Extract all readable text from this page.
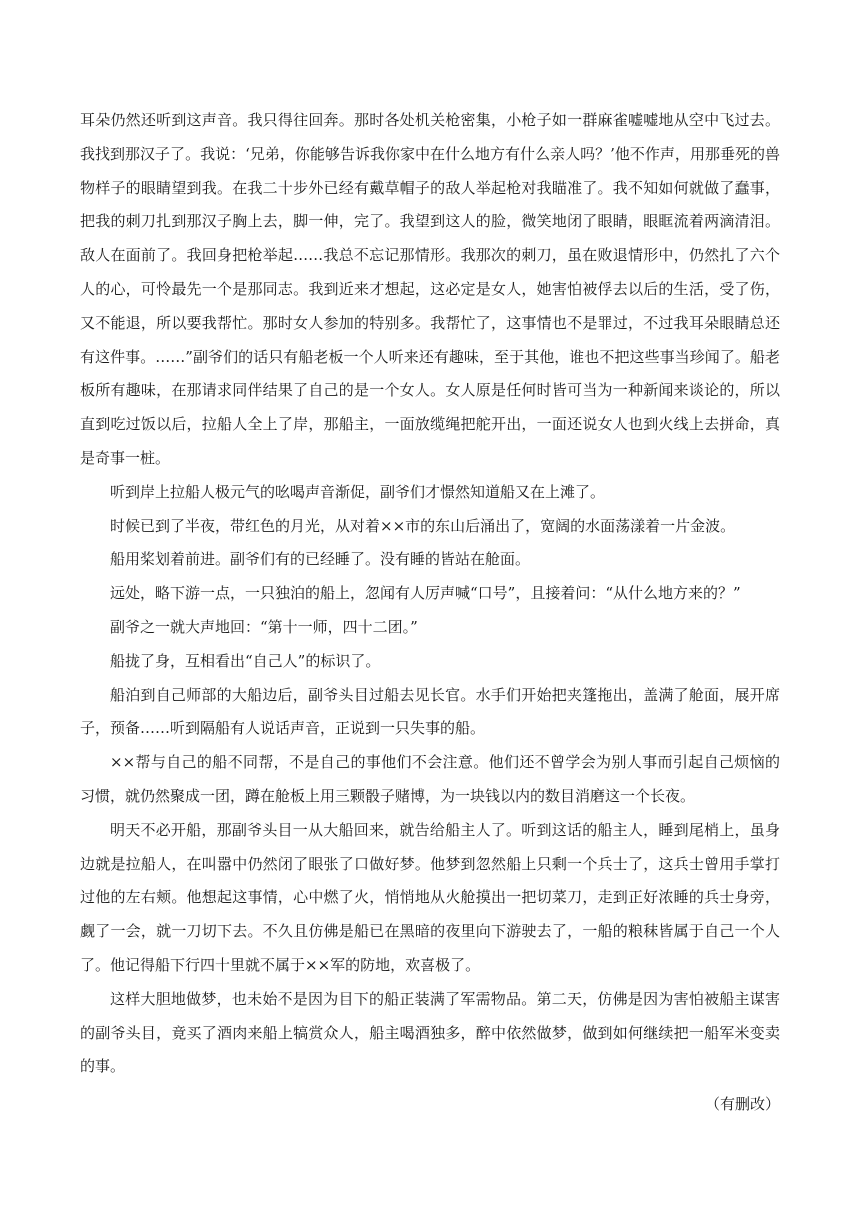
耳朵仍然还听到这声音。我只得往回奔。那时各处机关枪密集，小枪子如一群麻雀嘘嘘地从空中飞过去。我找到那汉子了。我说：‘兄弟，你能够告诉我你家中在什么地方有什么亲人吗？’他不作声，用那垂死的兽物样子的眼睛望到我。在我二十步外已经有戴草帽子的敌人举起枪对我瞄准了。我不知如何就做了蠢事，把我的刺刀扎到那汉子胸上去，脚一伸，完了。我望到这人的脸，微笑地闭了眼睛，眼眶流着两滴清泪。敌人在面前了。我回身把枪举起……我总不忘记那情形。我那次的刺刀，虽在败退情形中，仍然扎了六个人的心，可怜最先一个是那同志。我到近来才想起，这必定是女人，她害怕被俘去以后的生活，受了伤，又不能退，所以要我帮忙。那时女人参加的特别多。我帮忙了，这事情也不是罪过，不过我耳朵眼睛总还有这件事。……”副爷们的话只有船老板一个人听来还有趣味，至于其他，谁也不把这些事当珍闻了。船老板所有趣味，在那请求同伴结果了自己的是一个女人。女人原是任何时皆可当为一种新闻来谈论的，所以直到吃过饭以后，拉船人全上了岸，那船主，一面放缆绳把舵开出，一面还说女人也到火线上去拼命，真是奇事一桩。

听到岸上拉船人极元气的吆喝声音渐促，副爷们才憬然知道船又在上滩了。

时候已到了半夜，带红色的月光，从对着××市的东山后涌出了，宽阔的水面荡漾着一片金波。

船用桨划着前进。副爷们有的已经睡了。没有睡的皆站在舱面。

远处，略下游一点，一只独泊的船上，忽闻有人厉声喊“口号”，且接着问：“从什么地方来的？”

副爷之一就大声地回：“第十一师，四十二团。”

船拢了身，互相看出“自己人”的标识了。

船泊到自己师部的大船边后，副爷头目过船去见长官。水手们开始把夹篷拖出，盖满了舱面，展开席子，预备……听到隔船有人说话声音，正说到一只失事的船。

××帮与自己的船不同帮，不是自己的事他们不会注意。他们还不曾学会为别人事而引起自己烦恼的习惯，就仍然聚成一团，蹲在舱板上用三颗骰子赌博，为一块钱以内的数目消磨这一个长夜。

明天不必开船，那副爷头目一从大船回来，就告给船主人了。听到这话的船主人，睡到尾梢上，虽身边就是拉船人，在叫嚣中仍然闭了眼张了口做好梦。他梦到忽然船上只剩一个兵士了，这兵士曾用手掌打过他的左右颊。他想起这事情，心中燃了火，悄悄地从火舱摸出一把切菜刀，走到正好浓睡的兵士身旁，觑了一会，就一刀切下去。不久且仿佛是船已在黑暗的夜里向下游驶去了，一船的粮秣皆属于自己一个人了。他记得船下行四十里就不属于××军的防地，欢喜极了。

这样大胆地做梦，也未始不是因为目下的船正装满了军需物品。第二天，仿佛是因为害怕被船主谋害的副爷头目，竟买了酒肉来船上犒赏众人，船主喝酒独多，醉中依然做梦，做到如何继续把一船军米变卖的事。

（有删改）
